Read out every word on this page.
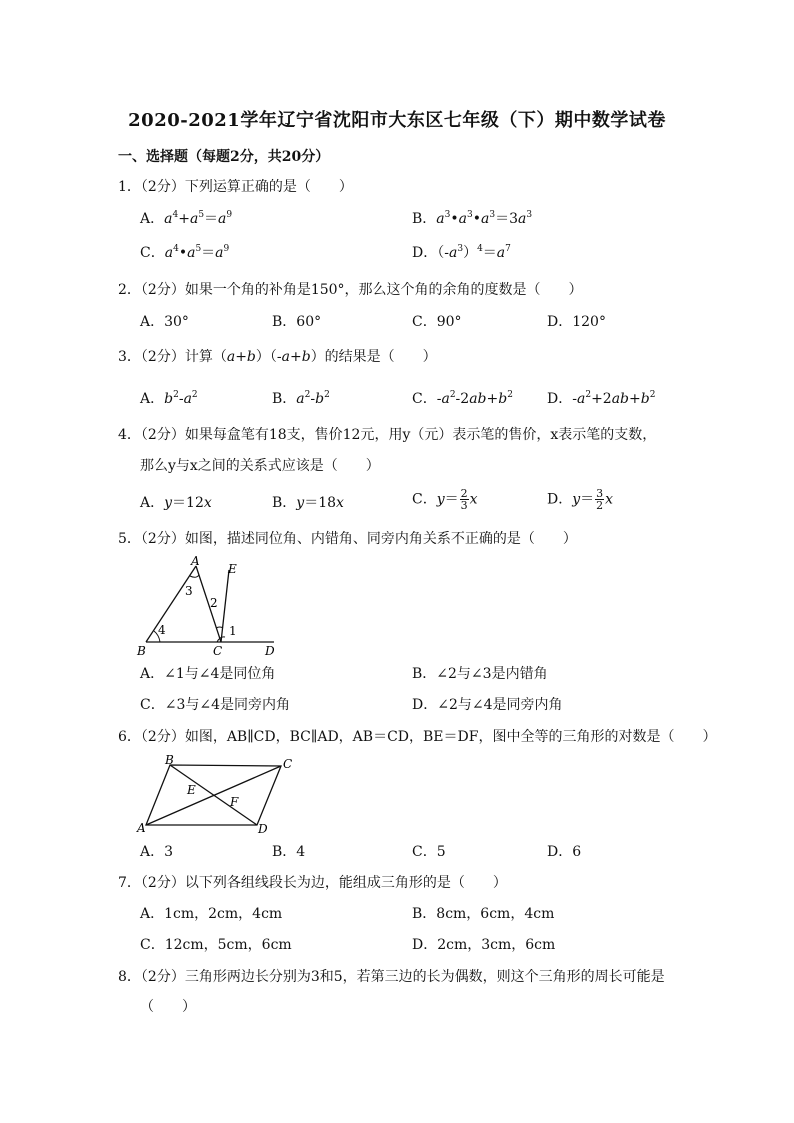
2020-2021学年辽宁省沈阳市大东区七年级（下）期中数学试卷
一、选择题（每题2分，共20分）
1．（2分）下列运算正确的是（　　）
A．$a^4+a^5=a^9$	B．$a^3•a^3•a^3=3a^3$
C．$a^4•a^5=a^9$	D．$(-a^3)^4=a^7$
2．（2分）如果一个角的补角是150°，那么这个角的余角的度数是（　　）
A．30°	B．60°	C．90°	D．120°
3．（2分）计算（a+b）（-a+b）的结果是（　　）
A．$b^2-a^2$	B．$a^2-b^2$	C．$-a^2-2ab+b^2$ D．$-a^2+2ab+b^2$
4．（2分）如果每盒笔有18支，售价12元，用y（元）表示笔的售价，x表示笔的支数，
那么y与x之间的关系式应该是（　　）
A．y＝12x	B．y＝18x	C．$y= \frac{2}{3}$ x	D．$y= \frac{3}{2}$ x
5．（2分）如图，描述同位角、内错角、同旁内角关系不正确的是（　　）
A
E
3
2
4	1
B	C	D
A．∠1与∠4是同位角	B．∠2与∠3是内错角
C．∠3与∠4是同旁内角	D．∠2与∠4是同旁内角
6．（2分）如图，AB∥CD，BC∥AD，AB＝CD，BE＝DF，图中全等的三角形的对数是（　　）
B	C
E
F
A	D
A．3	B．4	C．5	D．6
7．（2分）以下列各组线段长为边，能组成三角形的是（　　）
A．1cm，2cm，4cm	B．8cm，6cm，4cm
C．12cm，5cm，6cm	D．2cm，3cm，6cm
8．（2分）三角形两边长分别为3和5，若第三边的长为偶数，则这个三角形的周长可能是
（　　）
